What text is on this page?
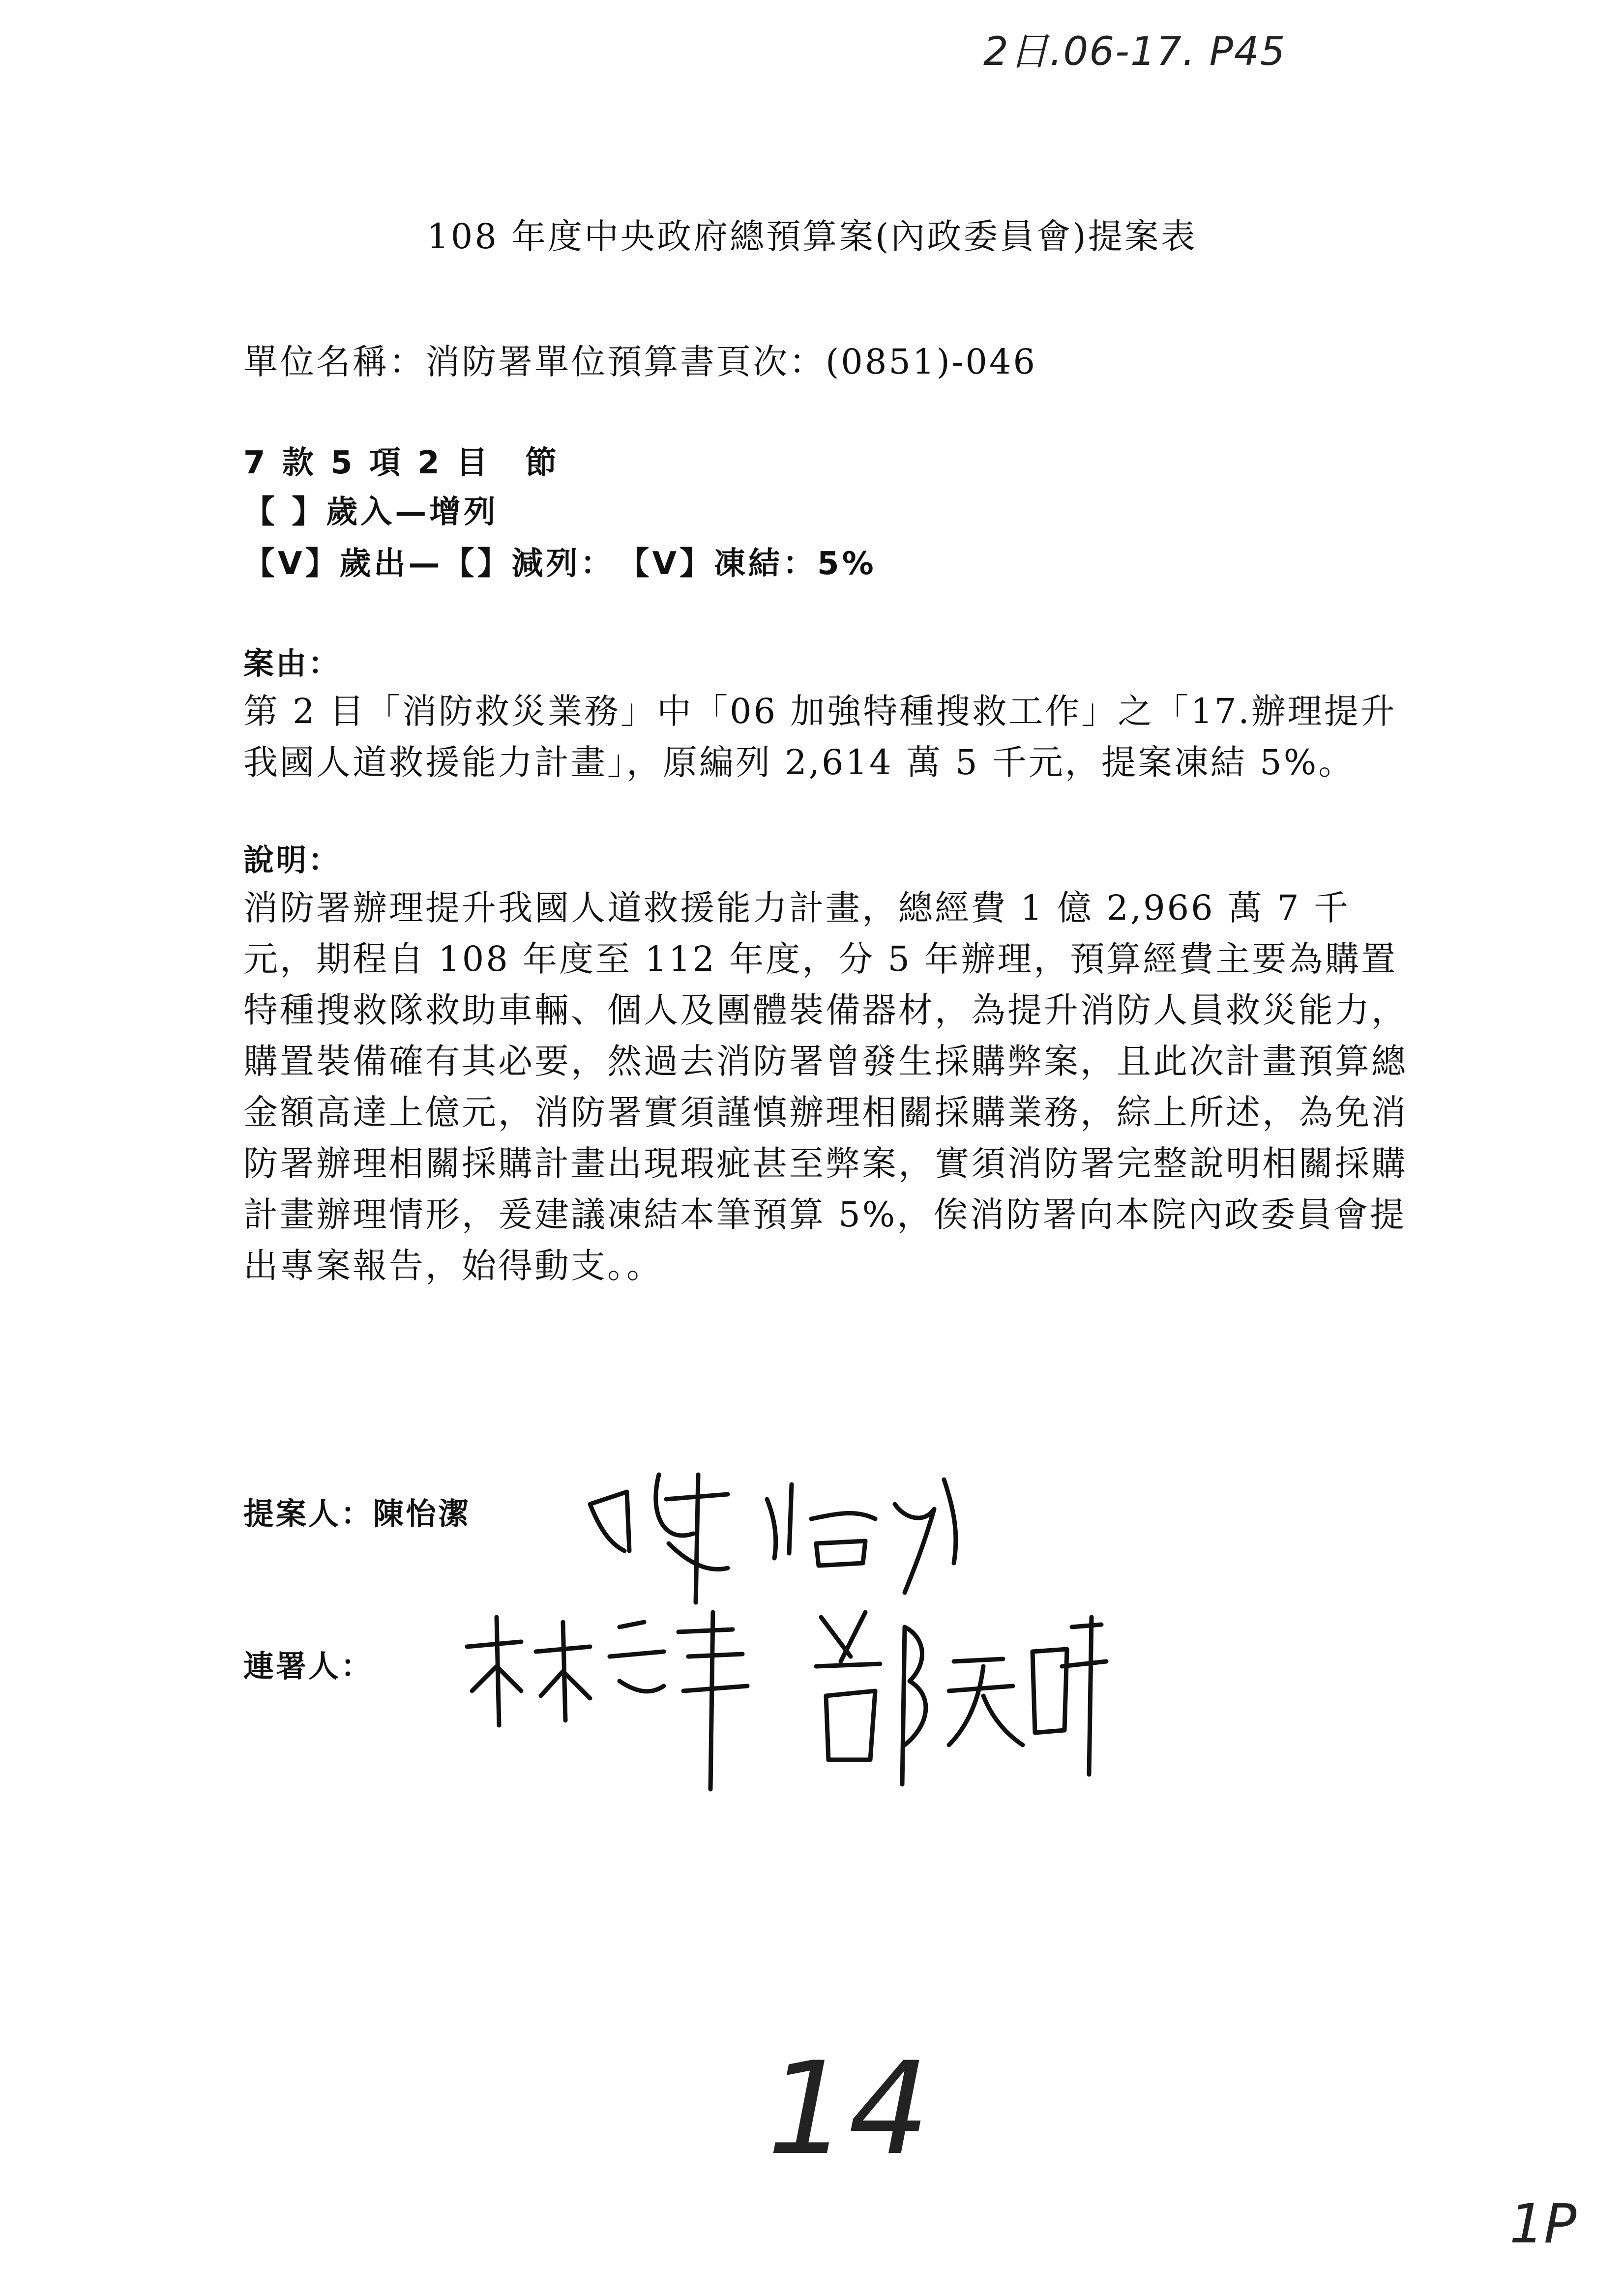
2日.06-17. P45
108 年度中央政府總預算案(內政委員會)提案表
單位名稱：消防署單位預算書頁次：(0851)-046
7 款 5 項 2 目　節
【 】歲入—增列
【V】歲出—【】減列：　【V】凍結：5%
案由：

第 2 目「消防救災業務」中「06 加強特種搜救工作」之「17.辦理提升我國人道救援能力計畫」，原編列 2,614 萬 5 千元，提案凍結 5%。

說明：

消防署辦理提升我國人道救援能力計畫，總經費 1 億 2,966 萬 7 千元，期程自 108 年度至 112 年度，分 5 年辦理，預算經費主要為購置特種搜救隊救助車輛、個人及團體裝備器材，為提升消防人員救災能力，購置裝備確有其必要，然過去消防署曾發生採購弊案，且此次計畫預算總金額高達上億元，消防署實須謹慎辦理相關採購業務，綜上所述，為免消防署辦理相關採購計畫出現瑕疵甚至弊案，實須消防署完整說明相關採購計畫辦理情形，爰建議凍結本筆預算 5%，俟消防署向本院內政委員會提出專案報告，始得動支。。

提案人：陳怡潔
連署人：
14
1P
